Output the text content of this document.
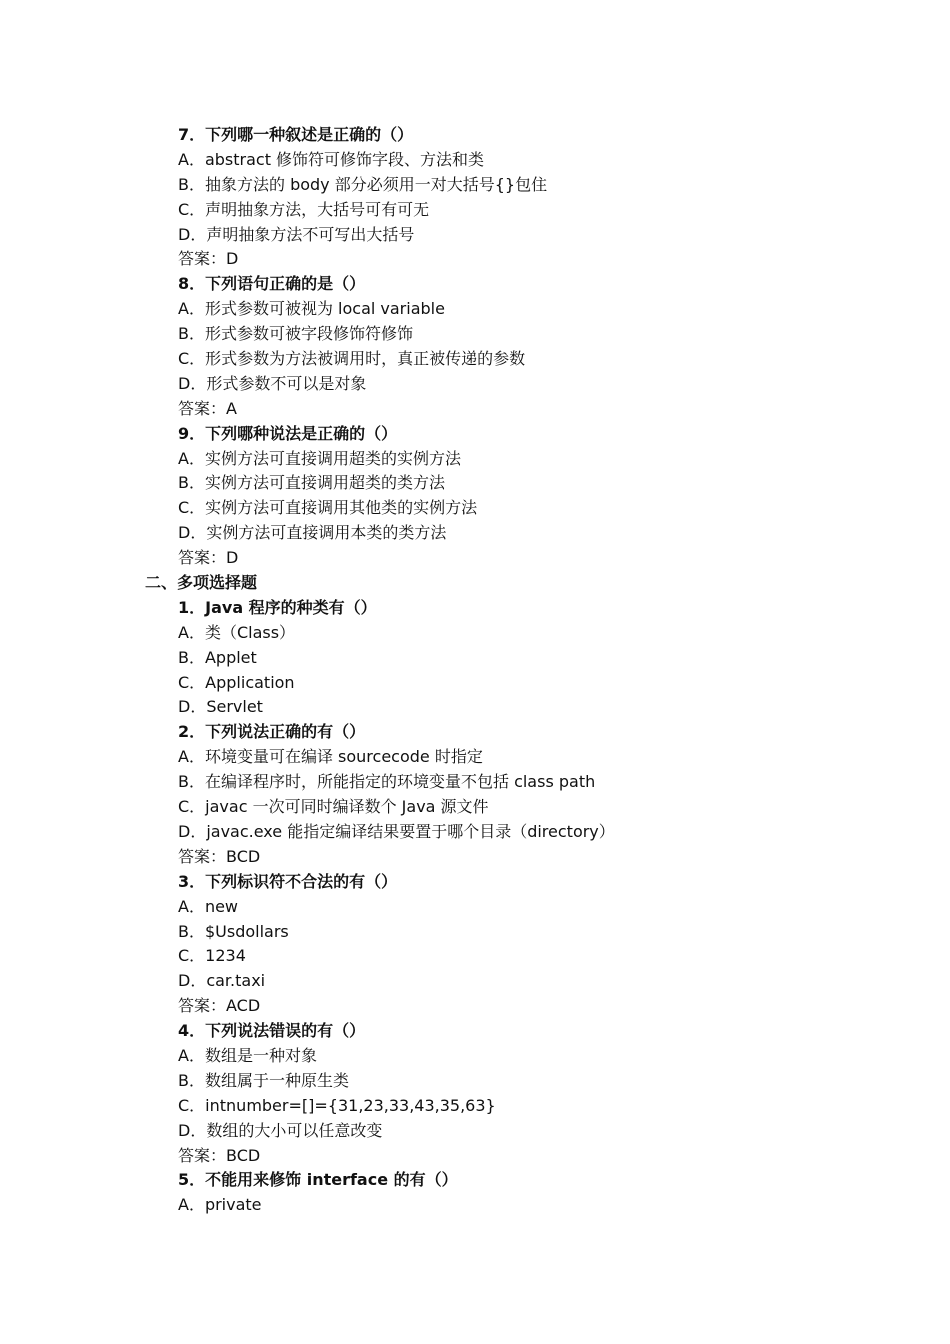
7．下列哪一种叙述是正确的（）
A．abstract 修饰符可修饰字段、方法和类
B．抽象方法的 body 部分必须用一对大括号{}包住
C．声明抽象方法，大括号可有可无
D．声明抽象方法不可写出大括号
答案：D
8．下列语句正确的是（）
A．形式参数可被视为 local variable
B．形式参数可被字段修饰符修饰
C．形式参数为方法被调用时，真正被传递的参数
D．形式参数不可以是对象
答案：A
9．下列哪种说法是正确的（）
A．实例方法可直接调用超类的实例方法
B．实例方法可直接调用超类的类方法
C．实例方法可直接调用其他类的实例方法
D．实例方法可直接调用本类的类方法
答案：D
二、多项选择题
1．Java 程序的种类有（）
A．类（Class）
B．Applet
C．Application
D．Servlet
2．下列说法正确的有（）
A．环境变量可在编译 sourcecode 时指定
B．在编译程序时，所能指定的环境变量不包括 class path
C．javac 一次可同时编译数个 Java 源文件
D．javac.exe 能指定编译结果要置于哪个目录（directory）
答案：BCD
3．下列标识符不合法的有（）
A．new
B．$Usdollars
C．1234
D．car.taxi
答案：ACD
4．下列说法错误的有（）
A．数组是一种对象
B．数组属于一种原生类
C．intnumber=[]={31,23,33,43,35,63}
D．数组的大小可以任意改变
答案：BCD
5．不能用来修饰 interface 的有（）
A．private
